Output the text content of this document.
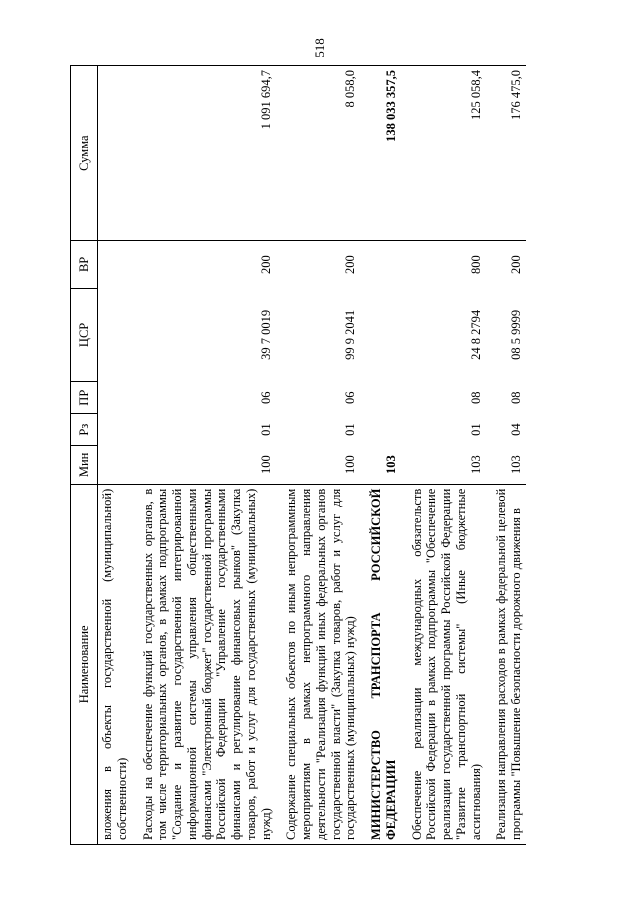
518
Наименование	Мин	Рз	ПР	ЦСР	ВР	Сумма
вложения в объекты государственной (муниципальной) собственности)						
Расходы на обеспечение функций государственных органов, в том числе территориальных органов, в рамках подпрограммы "Создание и развитие государственной интегрированной информационной системы управления общественными финансами "Электронный бюджет" государственной программы Российской Федерации "Управление государственными финансами и регулирование финансовых рынков" (Закупка товаров, работ и услуг для государственных (муниципальных) нужд)	100	01	06	39 7 0019	200	1 091 694,7
Содержание специальных объектов по иным непрограммным мероприятиям в рамках непрограммного направления деятельности "Реализация функций иных федеральных органов государственной власти" (Закупка товаров, работ и услуг для государственных (муниципальных) нужд)	100	01	06	99 9 2041	200	8 058,0
МИНИСТЕРСТВО ТРАНСПОРТА РОССИЙСКОЙ ФЕДЕРАЦИИ	103					138 033 357,5
Обеспечение реализации международных обязательств Российской Федерации в рамках подпрограммы "Обеспечение реализации государственной программы Российской Федерации "Развитие транспортной системы" (Иные бюджетные ассигнования)	103	01	08	24 8 2794	800	125 058,4
Реализация направления расходов в рамках федеральной целевой программы "Повышение безопасности дорожного движения в	103	04	08	08 5 9999	200	176 475,0
